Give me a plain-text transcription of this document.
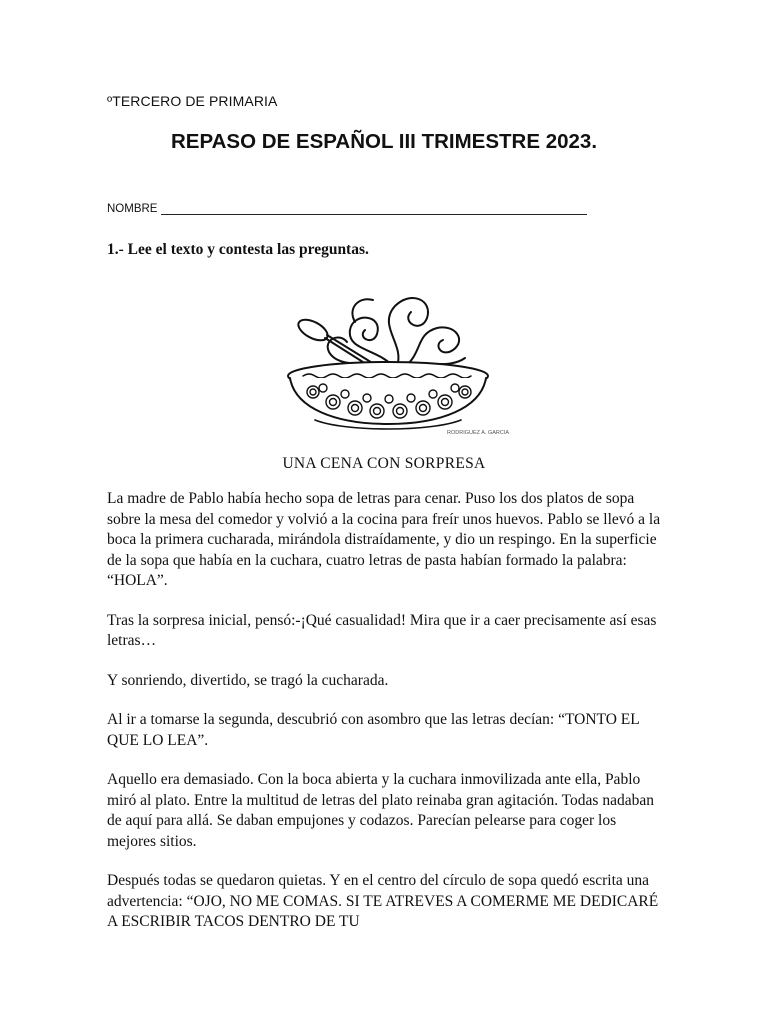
ºTERCERO DE PRIMARIA
REPASO DE ESPAÑOL III TRIMESTRE 2023.
NOMBRE
1.- Lee el texto y contesta las preguntas.
RODRIGUEZ A. GARCIA
UNA CENA CON SORPRESA

La madre de Pablo había hecho sopa de letras para cenar. Puso los dos platos de sopa sobre la mesa del comedor y volvió a la cocina para freír unos huevos. Pablo se llevó a la boca la primera cucharada, mirándola distraídamente, y dio un respingo. En la superficie de la sopa que había en la cuchara, cuatro letras de pasta habían formado la palabra: “HOLA”.

Tras la sorpresa inicial, pensó:-¡Qué casualidad! Mira que ir a caer precisamente así esas letras…

Y sonriendo, divertido, se tragó la cucharada.

Al ir a tomarse la segunda, descubrió con asombro que las letras decían: “TONTO EL QUE LO LEA”.

Aquello era demasiado. Con la boca abierta y la cuchara inmovilizada ante ella, Pablo miró al plato. Entre la multitud de letras del plato reinaba gran agitación. Todas nadaban de aquí para allá. Se daban empujones y codazos. Parecían pelearse para coger los mejores sitios.

Después todas se quedaron quietas. Y en el centro del círculo de sopa quedó escrita una advertencia: “OJO, NO ME COMAS. SI TE ATREVES A COMERME ME DEDICARÉ A ESCRIBIR TACOS DENTRO DE TU
